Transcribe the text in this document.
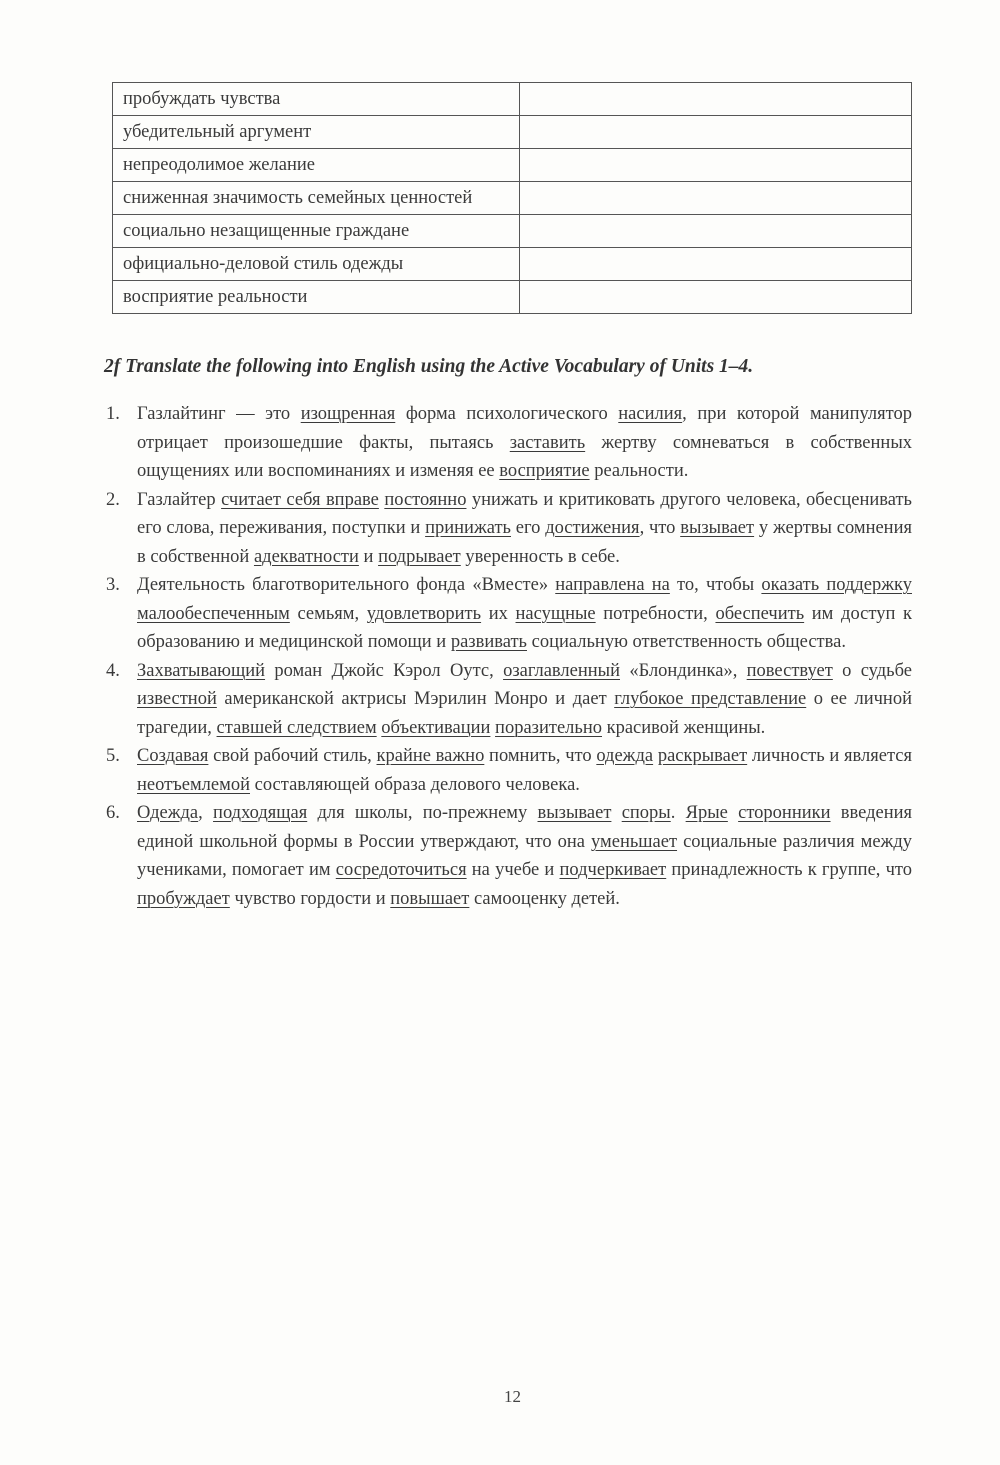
пробуждать чувства	
убедительный аргумент	
непреодолимое желание	
сниженная значимость семейных ценностей	
социально незащищенные граждане	
официально-деловой стиль одежды	
восприятие реальности	
2f Translate the following into English using the Active Vocabulary of Units 1–4.
1. Газлайтинг — это изощренная форма психологического насилия, при которой манипулятор отрицает произошедшие факты, пытаясь заставить жертву сомневаться в собственных ощущениях или воспоминаниях и изменяя ее восприятие реальности.
2. Газлайтер считает себя вправе постоянно унижать и критиковать другого человека, обесценивать его слова, переживания, поступки и принижать его достижения, что вызывает у жертвы сомнения в собственной адекватности и подрывает уверенность в себе.
3. Деятельность благотворительного фонда «Вместе» направлена на то, чтобы оказать поддержку малообеспеченным семьям, удовлетворить их насущные потребности, обеспечить им доступ к образованию и медицинской помощи и развивать социальную ответственность общества.
4. Захватывающий роман Джойс Кэрол Оутс, озаглавленный «Блондинка», повествует о судьбе известной американской актрисы Мэрилин Монро и дает глубокое представление о ее личной трагедии, ставшей следствием объективации поразительно красивой женщины.
5. Создавая свой рабочий стиль, крайне важно помнить, что одежда раскрывает личность и является неотъемлемой составляющей образа делового человека.
6. Одежда, подходящая для школы, по-прежнему вызывает споры. Ярые сторонники введения единой школьной формы в России утверждают, что она уменьшает социальные различия между учениками, помогает им сосредоточиться на учебе и подчеркивает принадлежность к группе, что пробуждает чувство гордости и повышает самооценку детей.
12
